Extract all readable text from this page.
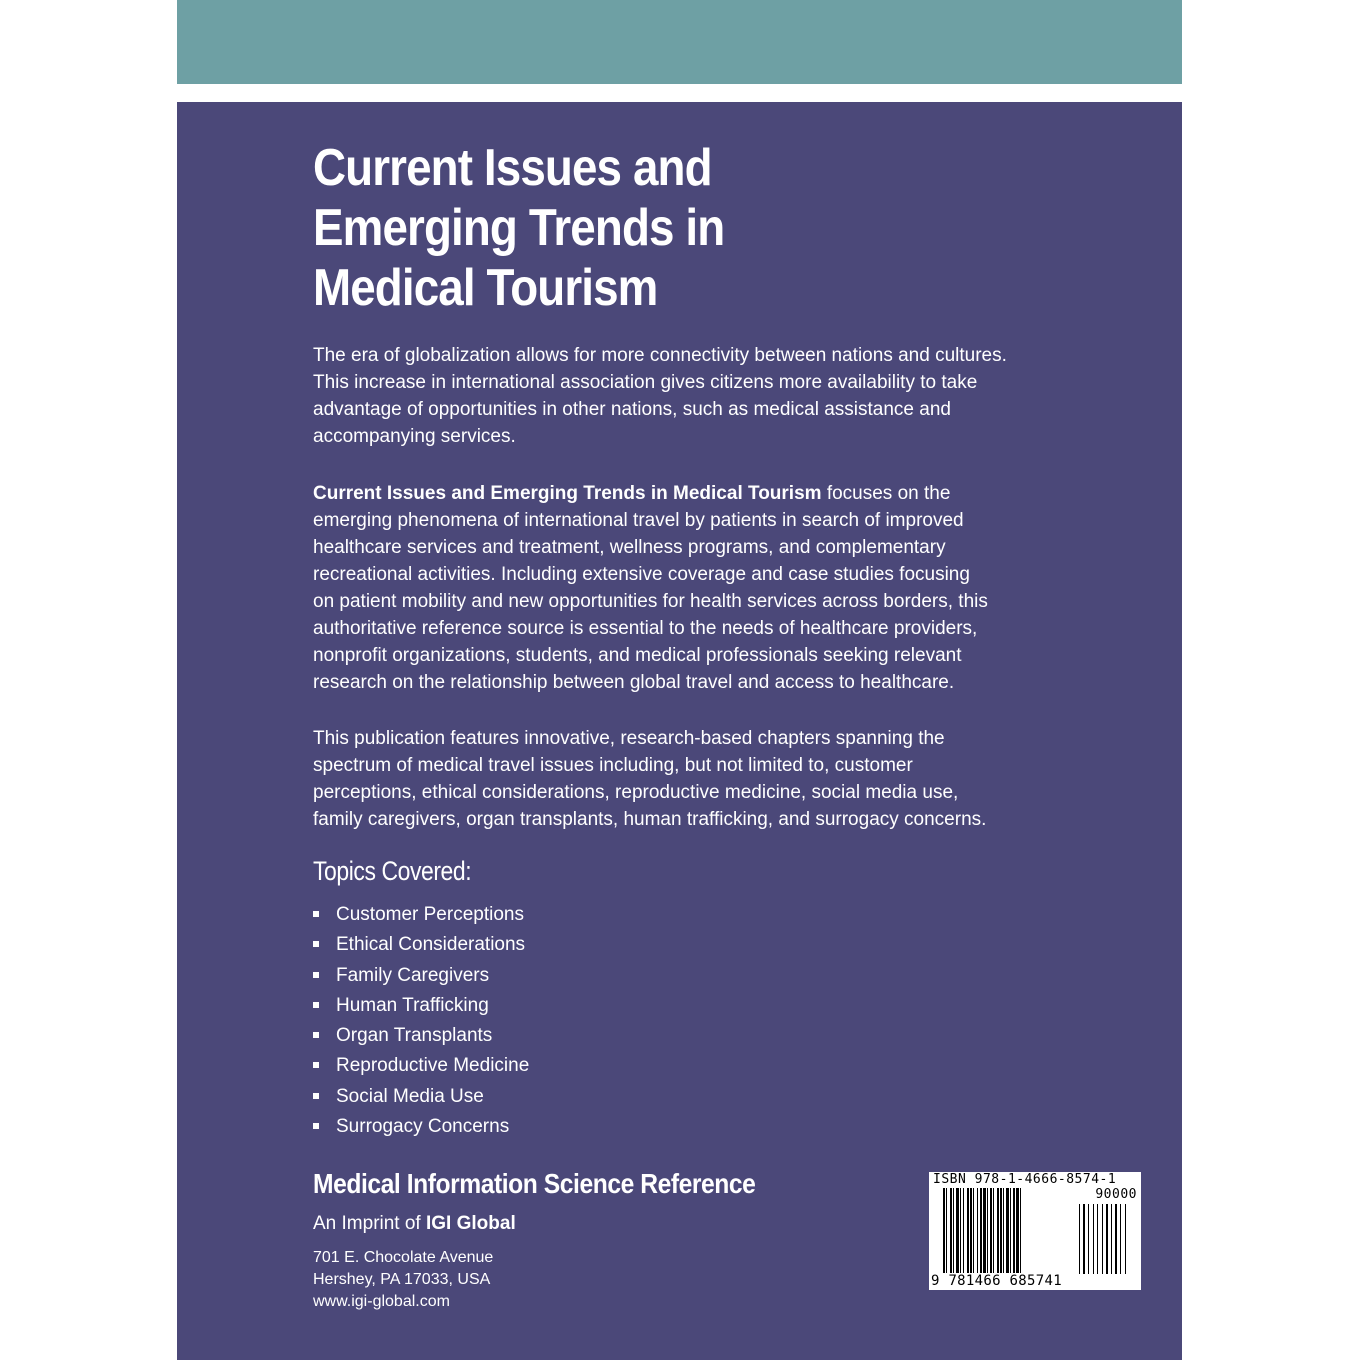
Current Issues and
Emerging Trends in
Medical Tourism

The era of globalization allows for more connectivity between nations and cultures.
This increase in international association gives citizens more availability to take
advantage of opportunities in other nations, such as medical assistance and
accompanying services.

Current Issues and Emerging Trends in Medical Tourism focuses on the
emerging phenomena of international travel by patients in search of improved
healthcare services and treatment, wellness programs, and complementary
recreational activities. Including extensive coverage and case studies focusing
on patient mobility and new opportunities for health services across borders, this
authoritative reference source is essential to the needs of healthcare providers,
nonprofit organizations, students, and medical professionals seeking relevant
research on the relationship between global travel and access to healthcare.

This publication features innovative, research-based chapters spanning the
spectrum of medical travel issues including, but not limited to, customer
perceptions, ethical considerations, reproductive medicine, social media use,
family caregivers, organ transplants, human trafficking, and surrogacy concerns.

Topics Covered:
Customer Perceptions
Ethical Considerations
Family Caregivers
Human Trafficking
Organ Transplants
Reproductive Medicine
Social Media Use
Surrogacy Concerns
Medical Information Science Reference
An Imprint of IGI Global
701 E. Chocolate Avenue
Hershey, PA 17033, USA
www.igi-global.com
ISBN 978-1-4666-8574-1
90000
9 781466 685741
